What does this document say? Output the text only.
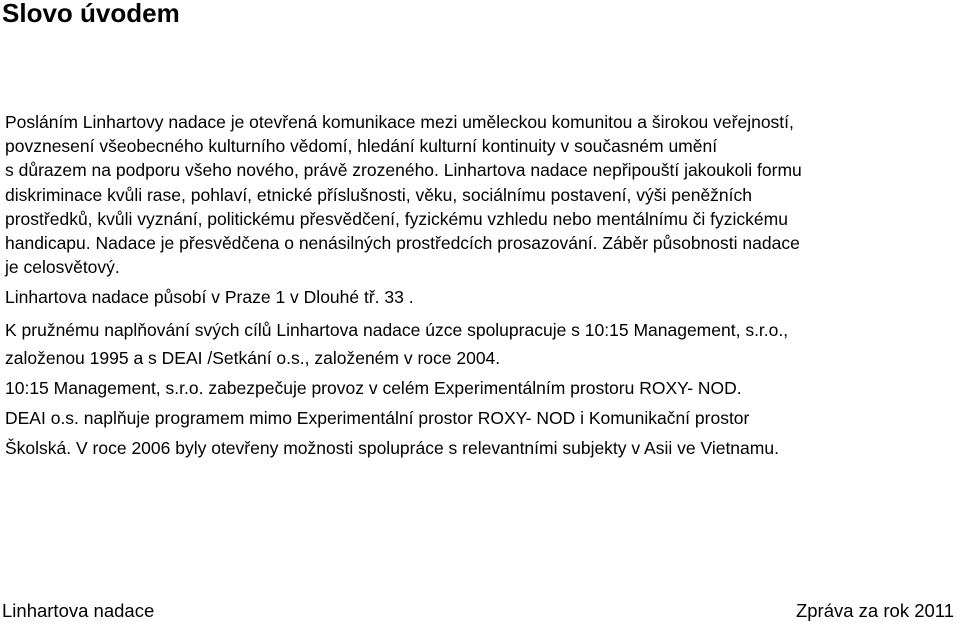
Slovo úvodem

Posláním Linhartovy nadace je otevřená komunikace mezi uměleckou komunitou a širokou veřejností,

povznesení všeobecného kulturního vědomí, hledání kulturní kontinuity v současném umění

s důrazem na podporu všeho nového, právě zrozeného. Linhartova nadace nepřipouští jakoukoli formu

diskriminace kvůli rase, pohlaví, etnické příslušnosti, věku, sociálnímu postavení, výši peněžních

prostředků, kvůli vyznání, politickému přesvědčení, fyzickému vzhledu nebo mentálnímu či fyzickému

handicapu. Nadace je přesvědčena o nenásilných prostředcích prosazování. Záběr působnosti nadace

je celosvětový.

Linhartova nadace působí v Praze 1 v Dlouhé tř. 33 .

K pružnému naplňování svých cílů Linhartova nadace úzce spolupracuje s 10:15 Management, s.r.o.,

založenou 1995 a s DEAI /Setkání o.s., založeném v roce 2004.

10:15 Management, s.r.o. zabezpečuje provoz v celém Experimentálním prostoru ROXY- NOD.

DEAI o.s. naplňuje programem mimo Experimentální prostor ROXY- NOD i Komunikační prostor

Školská. V roce 2006 byly otevřeny možnosti spolupráce s relevantními subjekty v Asii ve Vietnamu.

Linhartova nadace	Zpráva za rok 2011
